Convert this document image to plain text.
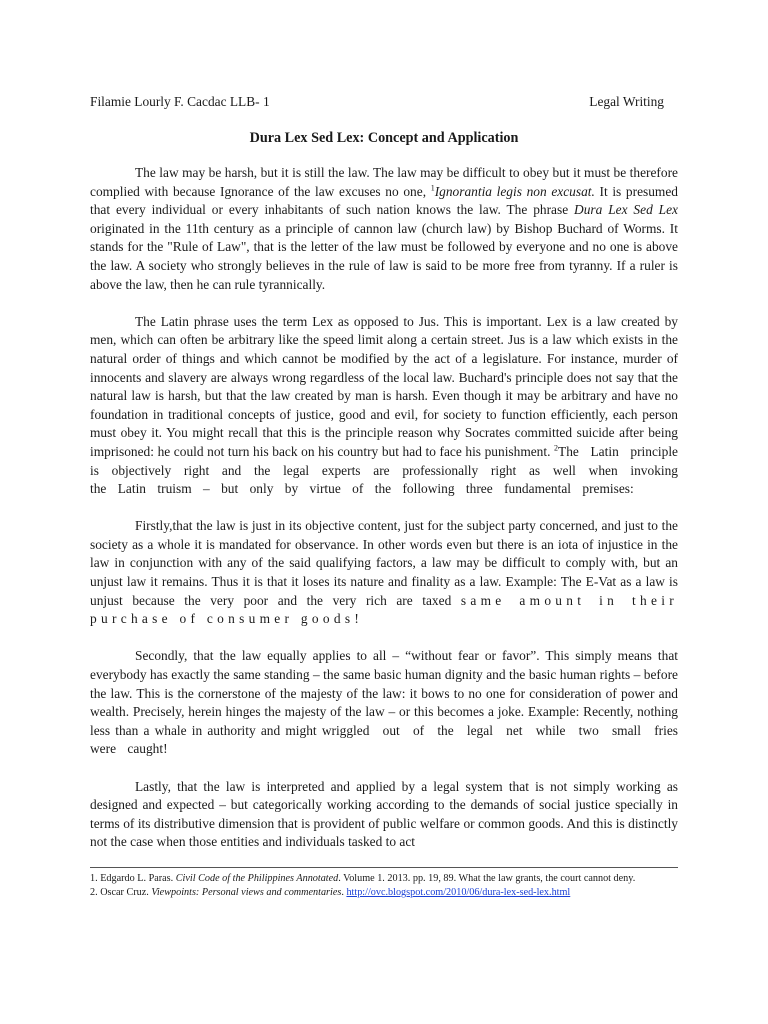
Filamie Lourly F. Cacdac LLB- 1	Legal Writing
Dura Lex Sed Lex: Concept and Application

The law may be harsh, but it is still the law. The law may be difficult to obey but it must be therefore complied with because Ignorance of the law excuses no one, $^1$Ignorantia legis non excusat. It is presumed that every individual or every inhabitants of such nation knows the law. The phrase Dura Lex Sed Lex originated in the 11th century as a principle of cannon law (church law) by Bishop Buchard of Worms. It stands for the "Rule of Law", that is the letter of the law must be followed by everyone and no one is above the law. A society who strongly believes in the rule of law is said to be more free from tyranny. If a ruler is above the law, then he can rule tyrannically.

The Latin phrase uses the term Lex as opposed to Jus. This is important. Lex is a law created by men, which can often be arbitrary like the speed limit along a certain street. Jus is a law which exists in the natural order of things and which cannot be modified by the act of a legislature. For instance, murder of innocents and slavery are always wrong regardless of the local law. Buchard's principle does not say that the natural law is harsh, but that the law created by man is harsh. Even though it may be arbitrary and have no foundation in traditional concepts of justice, good and evil, for society to function efficiently, each person must obey it. You might recall that this is the principle reason why Socrates committed suicide after being imprisoned: he could not turn his back on his country but had to face his punishment. $^2$The Latin principle is objectively right and the legal experts are professionally right as well when invoking the Latin truism – but only by virtue of the following three fundamental premises:

Firstly,that the law is just in its objective content, just for the subject party concerned, and just to the society as a whole it is mandated for observance. In other words even but there is an iota of injustice in the law in conjunction with any of the said qualifying factors, a law may be difficult to comply with, but an unjust law it remains. Thus it is that it loses its nature and finality as a law. Example: The E-Vat as a law is unjust because the very poor and the very rich are taxed same amount in their purchase of consumer goods!

Secondly, that the law equally applies to all – “without fear or favor”. This simply means that everybody has exactly the same standing – the same basic human dignity and the basic human rights – before the law. This is the cornerstone of the majesty of the law: it bows to no one for consideration of power and wealth. Precisely, herein hinges the majesty of the law – or this becomes a joke. Example: Recently, nothing less than a whale in authority and might wriggled out of the legal net while two small fries were caught!

Lastly, that the law is interpreted and applied by a legal system that is not simply working as designed and expected – but categorically working according to the demands of social justice specially in terms of its distributive dimension that is provident of public welfare or common goods. And this is distinctly not the case when those entities and individuals tasked to act

1. Edgardo L. Paras. Civil Code of the Philippines Annotated. Volume 1. 2013. pp. 19, 89. What the law grants, the court cannot deny.

2. Oscar Cruz. Viewpoints: Personal views and commentaries. http://ovc.blogspot.com/2010/06/dura-lex-sed-lex.html
